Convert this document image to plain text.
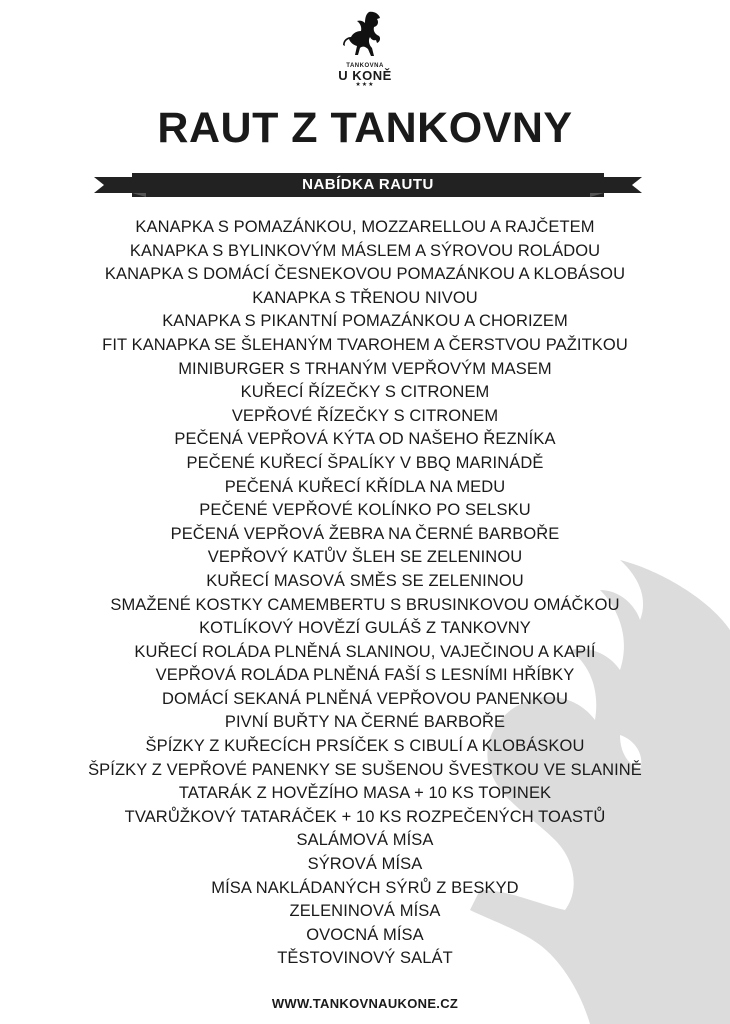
TANKOVNA
U KONĚ
★★★
RAUT Z TANKOVNY
NABÍDKA RAUTU
KANAPKA S POMAZÁNKOU, MOZZARELLOU A RAJČETEM
KANAPKA S BYLINKOVÝM MÁSLEM A SÝROVOU ROLÁDOU
KANAPKA S DOMÁCÍ ČESNEKOVOU POMAZÁNKOU A KLOBÁSOU
KANAPKA S TŘENOU NIVOU
KANAPKA S PIKANTNÍ POMAZÁNKOU A CHORIZEM
FIT KANAPKA SE ŠLEHANÝM TVAROHEM A ČERSTVOU PAŽITKOU
MINIBURGER S TRHANÝM VEPŘOVÝM MASEM
KUŘECÍ ŘÍZEČKY S CITRONEM
VEPŘOVÉ ŘÍZEČKY S CITRONEM
PEČENÁ VEPŘOVÁ KÝTA OD NAŠEHO ŘEZNÍKA
PEČENÉ KUŘECÍ ŠPALÍKY V BBQ MARINÁDĚ
PEČENÁ KUŘECÍ KŘÍDLA NA MEDU
PEČENÉ VEPŘOVÉ KOLÍNKO PO SELSKU
PEČENÁ VEPŘOVÁ ŽEBRA NA ČERNÉ BARBOŘE
VEPŘOVÝ KATŮV ŠLEH SE ZELENINOU
KUŘECÍ MASOVÁ SMĚS SE ZELENINOU
SMAŽENÉ KOSTKY CAMEMBERTU S BRUSINKOVOU OMÁČKOU
KOTLÍKOVÝ HOVĚZÍ GULÁŠ Z TANKOVNY
KUŘECÍ ROLÁDA PLNĚNÁ SLANINOU, VAJEČINOU A KAPIÍ
VEPŘOVÁ ROLÁDA PLNĚNÁ FAŠÍ S LESNÍMI HŘÍBKY
DOMÁCÍ SEKANÁ PLNĚNÁ VEPŘOVOU PANENKOU
PIVNÍ BUŘTY NA ČERNÉ BARBOŘE
ŠPÍZKY Z KUŘECÍCH PRSÍČEK S CIBULÍ A KLOBÁSKOU
ŠPÍZKY Z VEPŘOVÉ PANENKY SE SUŠENOU ŠVESTKOU VE SLANINĚ
TATARÁK Z HOVĚZÍHO MASA + 10 KS TOPINEK
TVARŮŽKOVÝ TATARÁČEK + 10 KS ROZPEČENÝCH TOASTŮ
SALÁMOVÁ MÍSA
SÝROVÁ MÍSA
MÍSA NAKLÁDANÝCH SÝRŮ Z BESKYD
ZELENINOVÁ MÍSA
OVOCNÁ MÍSA
TĚSTOVINOVÝ SALÁT
WWW.TANKOVNAUKONE.CZ
